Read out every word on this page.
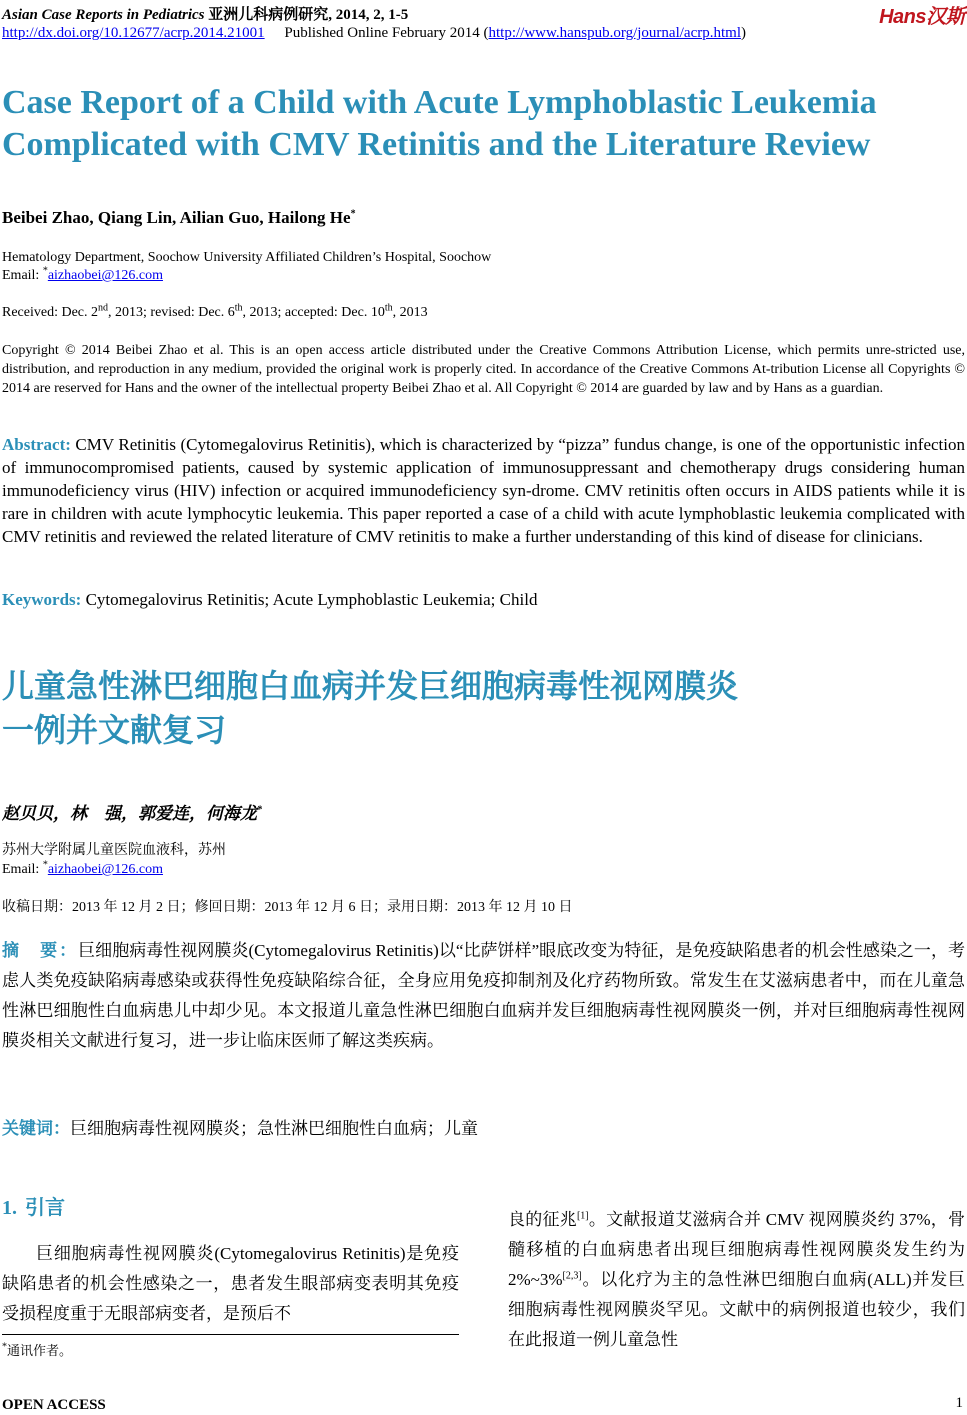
Asian Case Reports in Pediatrics 亚洲儿科病例研究, 2014, 2, 1-5	Hans汉斯
http://dx.doi.org/10.12677/acrp.2014.21001 Published Online February 2014 (http://www.hanspub.org/journal/acrp.html)
Case Report of a Child with Acute Lymphoblastic Leukemia Complicated with CMV Retinitis and the Literature Review
Beibei Zhao, Qiang Lin, Ailian Guo, Hailong He*
Hematology Department, Soochow University Affiliated Children’s Hospital, Soochow
Email: *aizhaobei@126.com
Received: Dec. 2nd, 2013; revised: Dec. 6th, 2013; accepted: Dec. 10th, 2013
Copyright © 2014 Beibei Zhao et al. This is an open access article distributed under the Creative Commons Attribution License, which permits unre-stricted use, distribution, and reproduction in any medium, provided the original work is properly cited. In accordance of the Creative Commons At-tribution License all Copyrights © 2014 are reserved for Hans and the owner of the intellectual property Beibei Zhao et al. All Copyright © 2014 are guarded by law and by Hans as a guardian.
Abstract: CMV Retinitis (Cytomegalovirus Retinitis), which is characterized by “pizza” fundus change, is one of the opportunistic infection of immunocompromised patients, caused by systemic application of immunosuppressant and chemotherapy drugs considering human immunodeficiency virus (HIV) infection or acquired immunodeficiency syn-drome. CMV retinitis often occurs in AIDS patients while it is rare in children with acute lymphocytic leukemia. This paper reported a case of a child with acute lymphoblastic leukemia complicated with CMV retinitis and reviewed the related literature of CMV retinitis to make a further understanding of this kind of disease for clinicians.
Keywords: Cytomegalovirus Retinitis; Acute Lymphoblastic Leukemia; Child
儿童急性淋巴细胞白血病并发巨细胞病毒性视网膜炎
一例并文献复习
赵贝贝，林　强，郭爱连，何海龙*
苏州大学附属儿童医院血液科，苏州
Email: *aizhaobei@126.com
收稿日期：2013 年 12 月 2 日；修回日期：2013 年 12 月 6 日；录用日期：2013 年 12 月 10 日
摘　要：巨细胞病毒性视网膜炎(Cytomegalovirus Retinitis)以“比萨饼样”眼底改变为特征，是免疫缺陷患者的机会性感染之一，考虑人类免疫缺陷病毒感染或获得性免疫缺陷综合征，全身应用免疫抑制剂及化疗药物所致。常发生在艾滋病患者中，而在儿童急性淋巴细胞性白血病患儿中却少见。本文报道儿童急性淋巴细胞白血病并发巨细胞病毒性视网膜炎一例，并对巨细胞病毒性视网膜炎相关文献进行复习，进一步让临床医师了解这类疾病。
关键词：巨细胞病毒性视网膜炎；急性淋巴细胞性白血病；儿童
1. 引言
巨细胞病毒性视网膜炎(Cytomegalovirus Retinitis)是免疫缺陷患者的机会性感染之一，患者发生眼部病变表明其免疫受损程度重于无眼部病变者，是预后不
良的征兆[1]。文献报道艾滋病合并 CMV 视网膜炎约 37%，骨髓移植的白血病患者出现巨细胞病毒性视网膜炎发生约为 2%~3%[2,3]。以化疗为主的急性淋巴细胞白血病(ALL)并发巨细胞病毒性视网膜炎罕见。文献中的病例报道也较少，我们在此报道一例儿童急性
*通讯作者。
OPEN ACCESS	1
